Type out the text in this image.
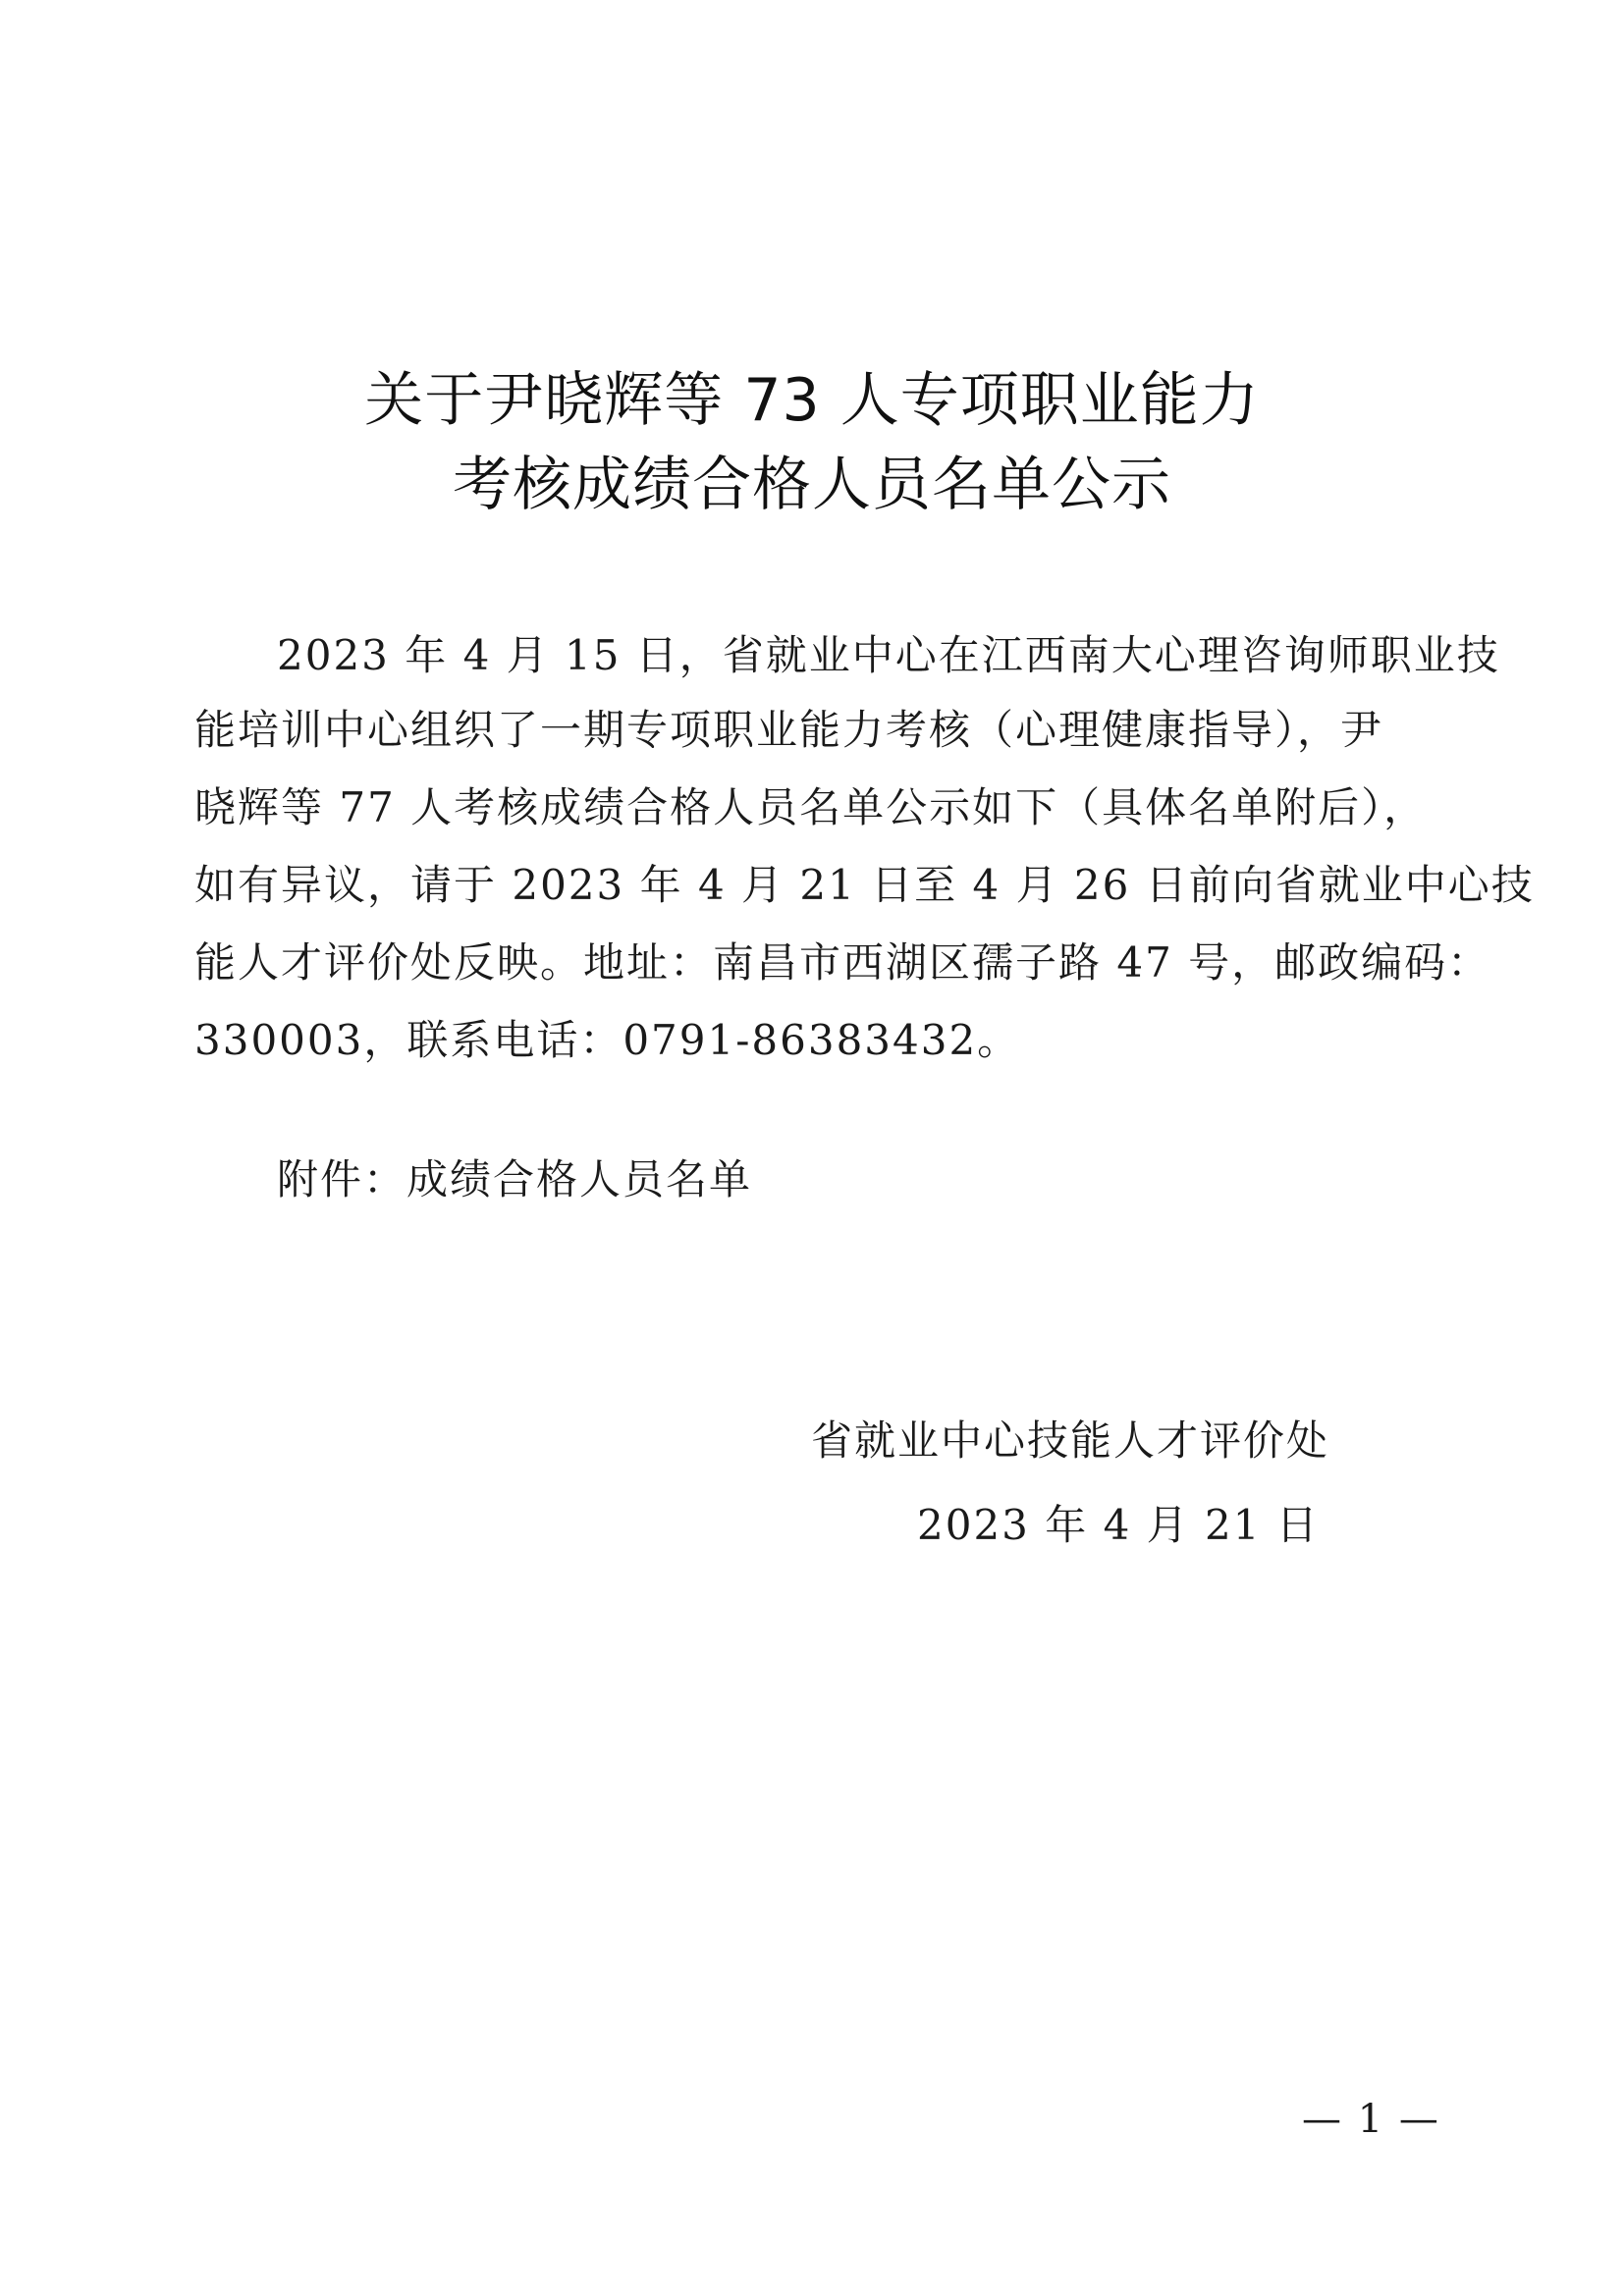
关于尹晓辉等 73 人专项职业能力
考核成绩合格人员名单公示
2023 年 4 月 15 日，省就业中心在江西南大心理咨询师职业技
能培训中心组织了一期专项职业能力考核（心理健康指导），尹
晓辉等 77 人考核成绩合格人员名单公示如下（具体名单附后），
如有异议，请于 2023 年 4 月 21 日至 4 月 26 日前向省就业中心技
能人才评价处反映。地址：南昌市西湖区孺子路 47 号，邮政编码：
330003，联系电话：0791-86383432。
附件：成绩合格人员名单
省就业中心技能人才评价处
2023 年 4 月 21 日
— 1 —
